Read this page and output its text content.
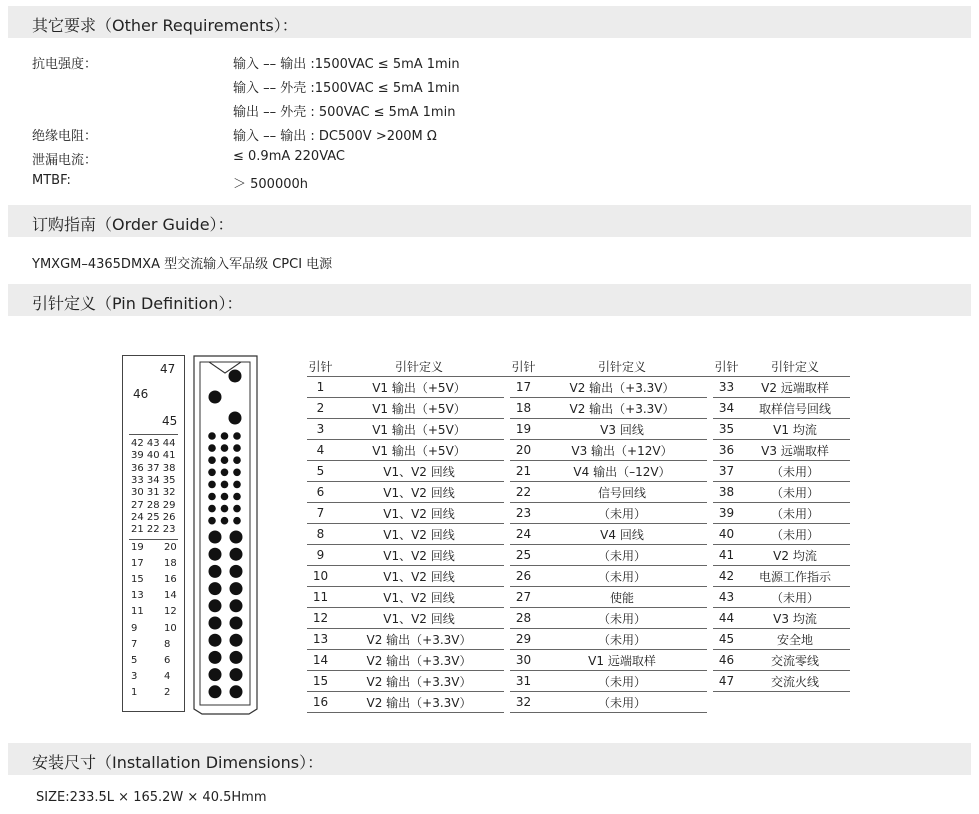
其它要求（Other Requirements）：
订购指南（Order Guide）：
引针定义（Pin Definition）：
安装尺寸（Installation Dimensions）：
抗电强度：	输入 –– 输出 :1500VAC ≤ 5mA 1min
输入 –– 外壳 :1500VAC ≤ 5mA 1min
输出 –– 外壳 : 500VAC ≤ 5mA 1min
绝缘电阻：	输入 –– 输出 : DC500V >200M Ω
泄漏电流：	≤ 0.9mA 220VAC
MTBF:	＞ 500000h
YMXGM–4365DMXA 型交流输入军品级 CPCI 电源
47
46
45
42 43 44
39 40 41
36 37 38
33 34 35
30 31 32
27 28 29
24 25 26
21 22 23
19 20
17 18
15 16
13 14
11 12
9	10
7	8
5	6
3	4
1	2
引针	引针定义		引针	引针定义		引针	引针定义
1	V1 输出（+5V）		17	V2 输出（+3.3V）		33	V2 远端取样
2	V1 输出（+5V）		18	V2 输出（+3.3V）		34	取样信号回线
3	V1 输出（+5V）		19	V3 回线		35	V1 均流
4	V1 输出（+5V）		20	V3 输出（+12V）		36	V3 远端取样
5	V1、V2 回线		21	V4 输出（–12V）		37	（未用）
6	V1、V2 回线		22	信号回线		38	（未用）
7	V1、V2 回线		23	（未用）		39	（未用）
8	V1、V2 回线		24	V4 回线		40	（未用）
9	V1、V2 回线		25	（未用）		41	V2 均流
10	V1、V2 回线		26	（未用）		42	电源工作指示
11	V1、V2 回线		27	使能		43	（未用）
12	V1、V2 回线		28	（未用）		44	V3 均流
13	V2 输出（+3.3V）		29	（未用）		45	安全地
14	V2 输出（+3.3V）		30	V1 远端取样		46	交流零线
15	V2 输出（+3.3V）		31	（未用）		47	交流火线
16	V2 输出（+3.3V）		32	（未用）			
SIZE:233.5L × 165.2W × 40.5Hmm
